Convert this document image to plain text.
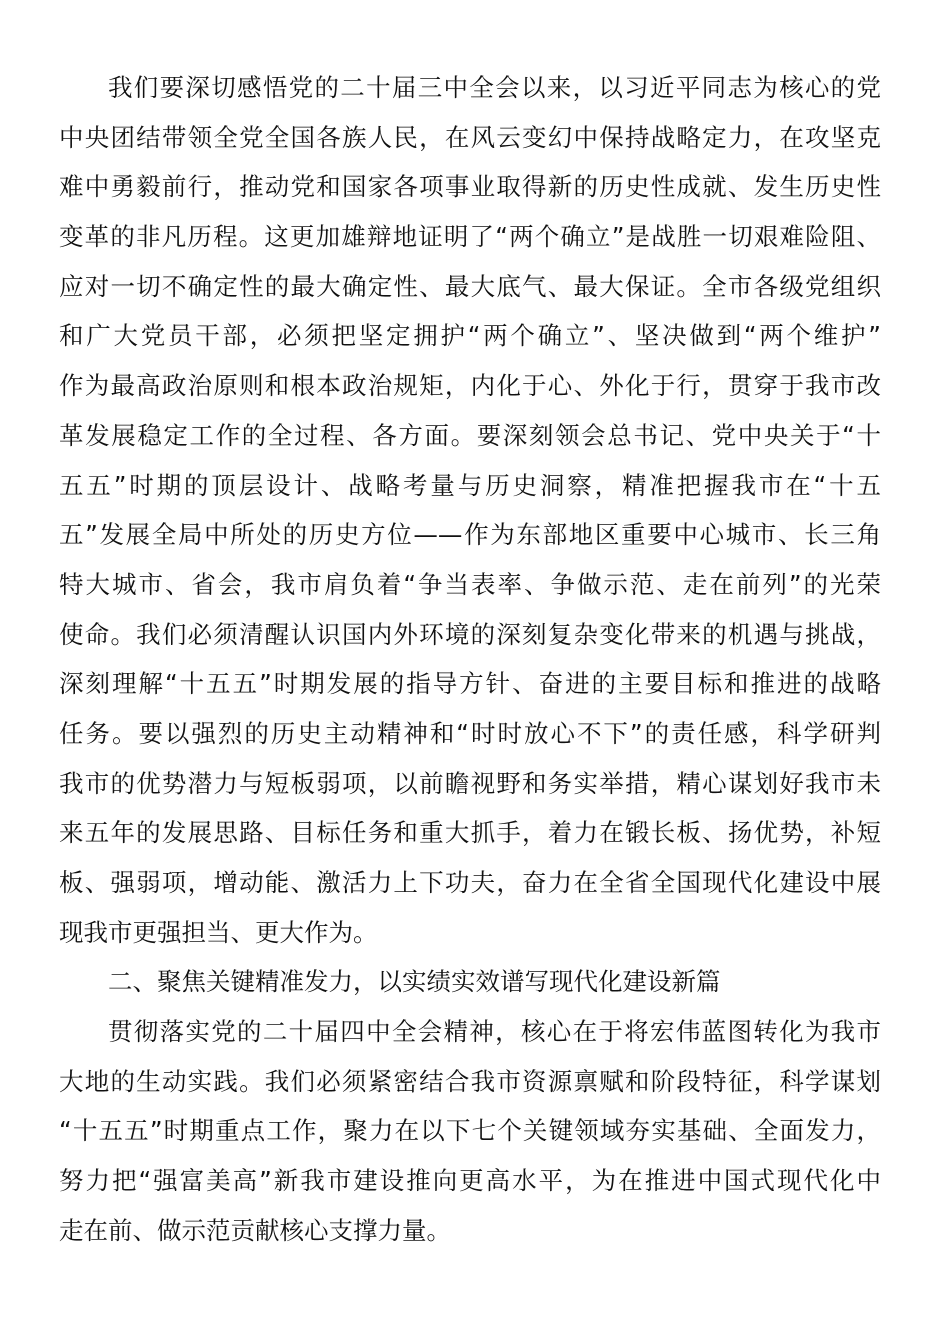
我们要深切感悟党的二十届三中全会以来，以习近平同志为核心的党
中央团结带领全党全国各族人民，在风云变幻中保持战略定力，在攻坚克
难中勇毅前行，推动党和国家各项事业取得新的历史性成就、发生历史性
变革的非凡历程。这更加雄辩地证明了“两个确立”是战胜一切艰难险阻、
应对一切不确定性的最大确定性、最大底气、最大保证。全市各级党组织
和广大党员干部，必须把坚定拥护“两个确立”、坚决做到“两个维护”
作为最高政治原则和根本政治规矩，内化于心、外化于行，贯穿于我市改
革发展稳定工作的全过程、各方面。要深刻领会总书记、党中央关于“十
五五”时期的顶层设计、战略考量与历史洞察，精准把握我市在“十五
五”发展全局中所处的历史方位——作为东部地区重要中心城市、长三角
特大城市、省会，我市肩负着“争当表率、争做示范、走在前列”的光荣
使命。我们必须清醒认识国内外环境的深刻复杂变化带来的机遇与挑战，
深刻理解“十五五”时期发展的指导方针、奋进的主要目标和推进的战略
任务。要以强烈的历史主动精神和“时时放心不下”的责任感，科学研判
我市的优势潜力与短板弱项，以前瞻视野和务实举措，精心谋划好我市未
来五年的发展思路、目标任务和重大抓手，着力在锻长板、扬优势，补短
板、强弱项，增动能、激活力上下功夫，奋力在全省全国现代化建设中展
现我市更强担当、更大作为。
二、聚焦关键精准发力，以实绩实效谱写现代化建设新篇
贯彻落实党的二十届四中全会精神，核心在于将宏伟蓝图转化为我市
大地的生动实践。我们必须紧密结合我市资源禀赋和阶段特征，科学谋划
“十五五”时期重点工作，聚力在以下七个关键领域夯实基础、全面发力，
努力把“强富美高”新我市建设推向更高水平，为在推进中国式现代化中
走在前、做示范贡献核心支撑力量。
